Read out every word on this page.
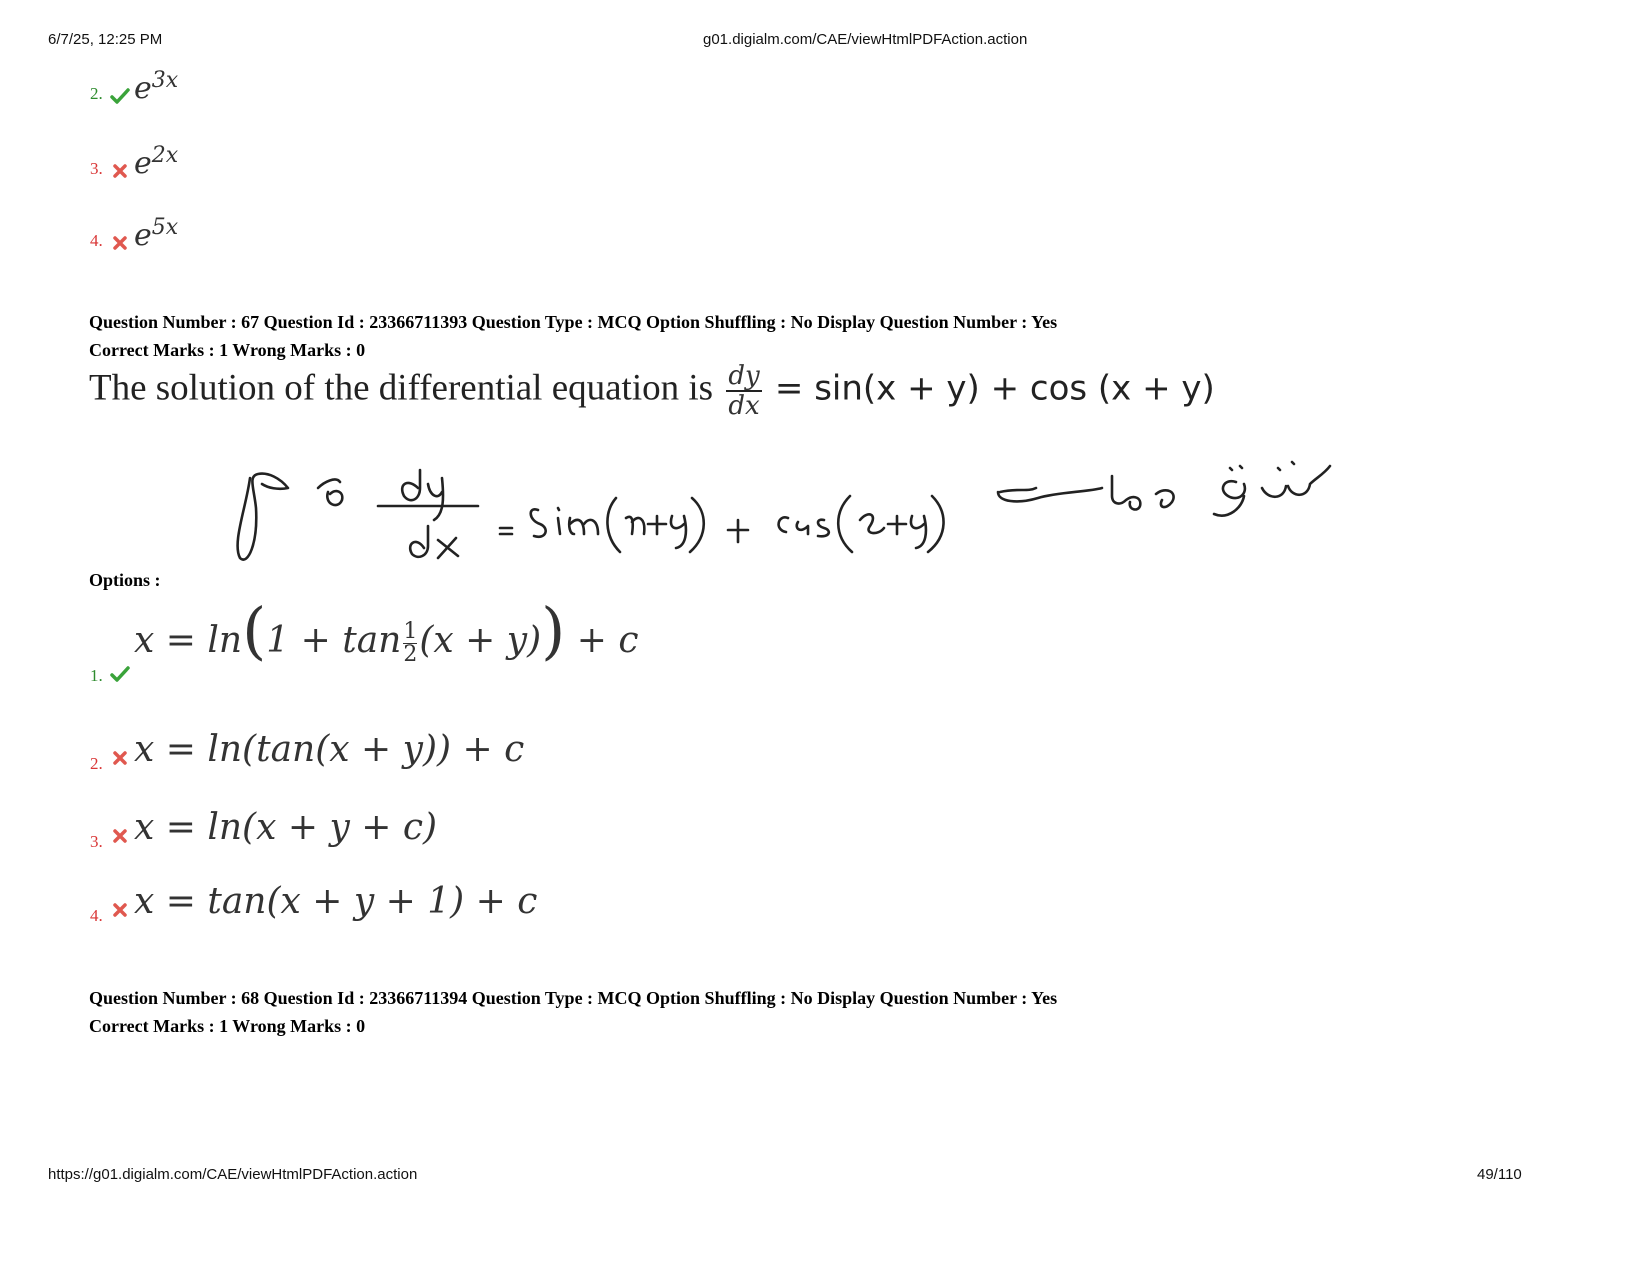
6/7/25, 12:25 PM	g01.digialm.com/CAE/viewHtmlPDFAction.action
2. $e^{3x}$
3. $e^{2x}$
4. $e^{5x}$
Question Number : 67 Question Id : 23366711393 Question Type : MCQ Option Shuffling : No Display Question Number : Yes
Correct Marks : 1 Wrong Marks : 0
The solution of the differential equation is $\frac{dy}{dx} = \sin(x + y) + \cos (x + y)$
تفرق مساوات
Options :
1.
$x = \ln(1 + \tan \frac{1}{2} (x + y)) + c$
2. x = ln(tan(x + y)) + c
3. x = ln(x + y + c)
4. x = tan(x + y + 1) + c
Question Number : 68 Question Id : 23366711394 Question Type : MCQ Option Shuffling : No Display Question Number : Yes
Correct Marks : 1 Wrong Marks : 0
https://g01.digialm.com/CAE/viewHtmlPDFAction.action	49/110
